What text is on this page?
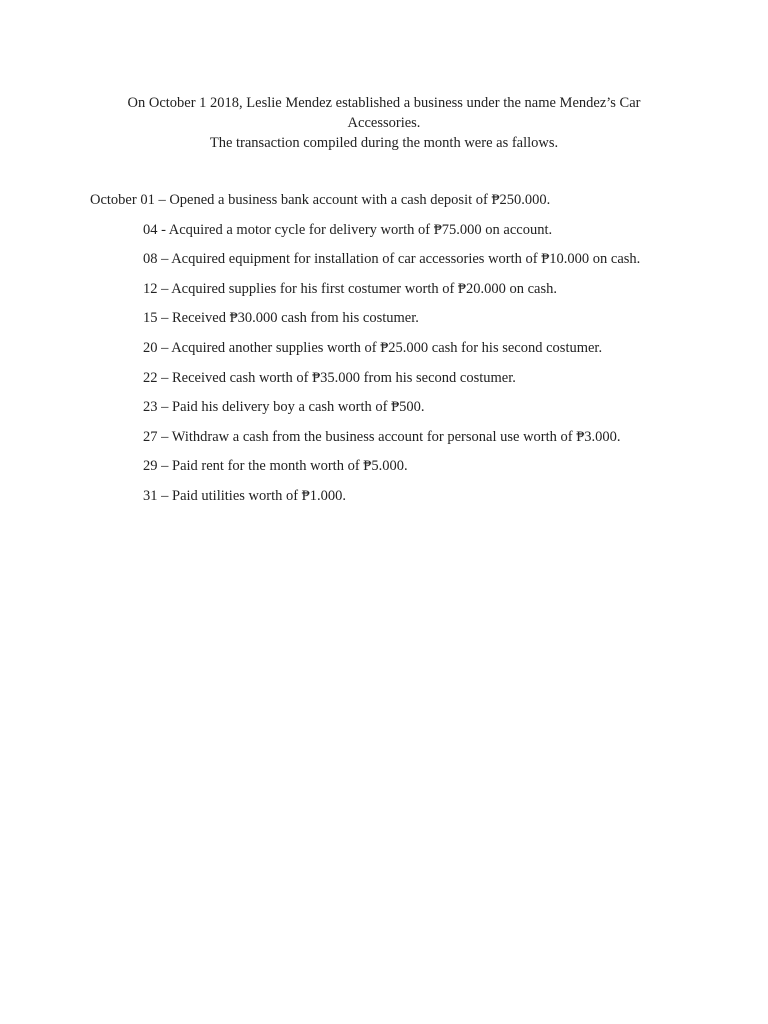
On October 1 2018, Leslie Mendez established a business under the name Mendez’s Car Accessories.

The transaction compiled during the month were as fallows.

October 01 – Opened a business bank account with a cash deposit of ₱250.000.
04 - Acquired a motor cycle for delivery worth of ₱75.000 on account.
08 – Acquired equipment for installation of car accessories worth of ₱10.000 on cash.
12 – Acquired supplies for his first costumer worth of ₱20.000 on cash.
15 – Received ₱30.000 cash from his costumer.
20 – Acquired another supplies worth of ₱25.000 cash for his second costumer.
22 – Received cash worth of ₱35.000 from his second costumer.
23 – Paid his delivery boy a cash worth of ₱500.
27 – Withdraw a cash from the business account for personal use worth of ₱3.000.
29 – Paid rent for the month worth of ₱5.000.
31 – Paid utilities worth of ₱1.000.
